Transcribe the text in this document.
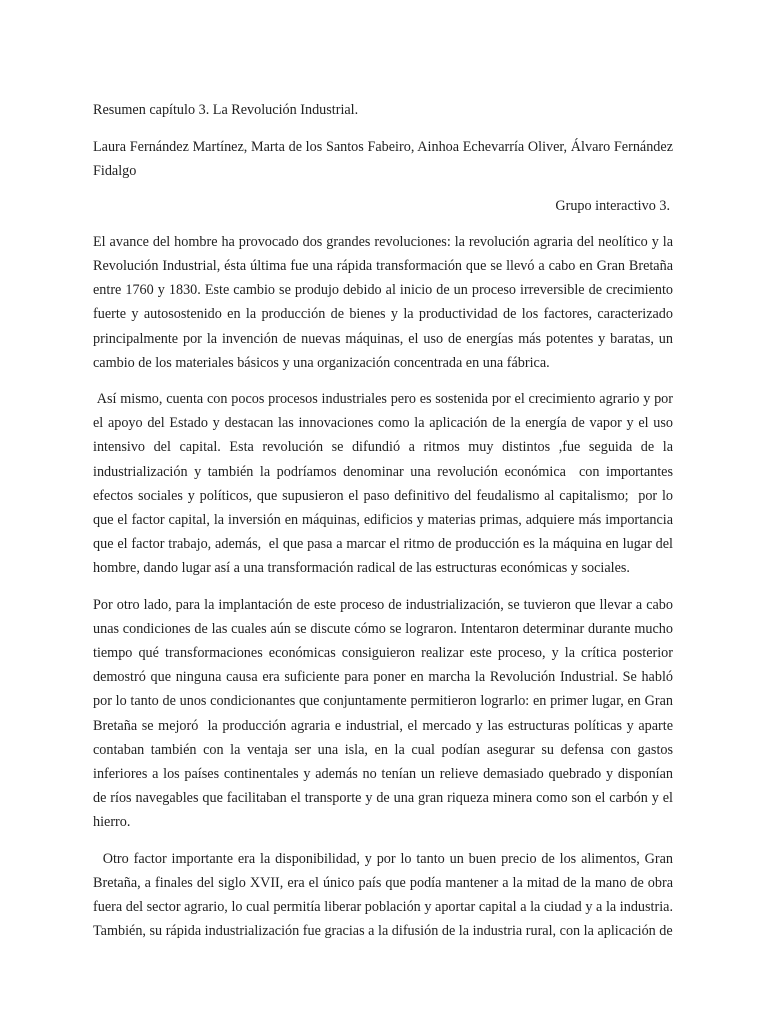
Resumen capítulo 3. La Revolución Industrial.

Laura Fernández Martínez, Marta de los Santos Fabeiro, Ainhoa Echevarría Oliver, Álvaro Fernández Fidalgo

Grupo interactivo 3.

El avance del hombre ha provocado dos grandes revoluciones: la revolución agraria del neolítico y la Revolución Industrial, ésta última fue una rápida transformación que se llevó a cabo en Gran Bretaña entre 1760 y 1830. Este cambio se produjo debido al inicio de un proceso irreversible de crecimiento fuerte y autosostenido en la producción de bienes y la productividad de los factores, caracterizado principalmente por la invención de nuevas máquinas, el uso de energías más potentes y baratas, un cambio de los materiales básicos y una organización concentrada en una fábrica.

Así mismo, cuenta con pocos procesos industriales pero es sostenida por el crecimiento agrario y por el apoyo del Estado y destacan las innovaciones como la aplicación de la energía de vapor y el uso intensivo del capital. Esta revolución se difundió a ritmos muy distintos ,fue seguida de la industrialización y también la podríamos denominar una revolución económica  con importantes efectos sociales y políticos, que supusieron el paso definitivo del feudalismo al capitalismo;  por lo que el factor capital, la inversión en máquinas, edificios y materias primas, adquiere más importancia que el factor trabajo, además,  el que pasa a marcar el ritmo de producción es la máquina en lugar del hombre, dando lugar así a una transformación radical de las estructuras económicas y sociales.

Por otro lado, para la implantación de este proceso de industrialización, se tuvieron que llevar a cabo unas condiciones de las cuales aún se discute cómo se lograron. Intentaron determinar durante mucho tiempo qué transformaciones económicas consiguieron realizar este proceso, y la crítica posterior demostró que ninguna causa era suficiente para poner en marcha la Revolución Industrial. Se habló por lo tanto de unos condicionantes que conjuntamente permitieron lograrlo: en primer lugar, en Gran Bretaña se mejoró  la producción agraria e industrial, el mercado y las estructuras políticas y aparte contaban también con la ventaja ser una isla, en la cual podían asegurar su defensa con gastos inferiores a los países continentales y además no tenían un relieve demasiado quebrado y disponían de ríos navegables que facilitaban el transporte y de una gran riqueza minera como son el carbón y el hierro.

Otro factor importante era la disponibilidad, y por lo tanto un buen precio de los alimentos, Gran Bretaña, a finales del siglo XVII, era el único país que podía mantener a la mitad de la mano de obra fuera del sector agrario, lo cual permitía liberar población y aportar capital a la ciudad y a la industria. También, su rápida industrialización fue gracias a la difusión de la industria rural, con la aplicación de
